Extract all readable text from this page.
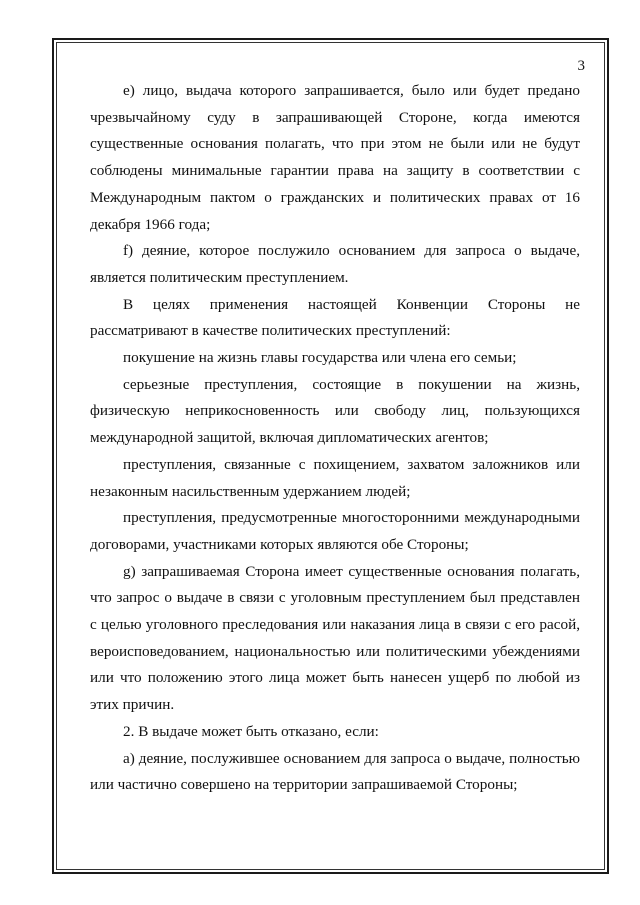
3

е) лицо, выдача которого запрашивается, было или будет предано чрезвычайному суду в запрашивающей Стороне, когда имеются существенные основания полагать, что при этом не были или не будут соблюдены минимальные гарантии права на защиту в соответствии с Международным пактом о гражданских и политических правах от 16 декабря 1966 года;

f) деяние, которое послужило основанием для запроса о выдаче, является политическим преступлением.

В целях применения настоящей Конвенции Стороны не рассматривают в качестве политических преступлений:

покушение на жизнь главы государства или члена его семьи;

серьезные преступления, состоящие в покушении на жизнь, физическую неприкосновенность или свободу лиц, пользующихся международной защитой, включая дипломатических агентов;

преступления, связанные с похищением, захватом заложников или незаконным насильственным удержанием людей;

преступления, предусмотренные многосторонними международными договорами, участниками которых являются обе Стороны;

g) запрашиваемая Сторона имеет существенные основания полагать, что запрос о выдаче в связи с уголовным преступлением был представлен с целью уголовного преследования или наказания лица в связи с его расой, вероисповедованием, национальностью или политическими убеждениями или что положению этого лица может быть нанесен ущерб по любой из этих причин.

2. В выдаче может быть отказано, если:

а) деяние, послужившее основанием для запроса о выдаче, полностью или частично совершено на территории запрашиваемой Стороны;
